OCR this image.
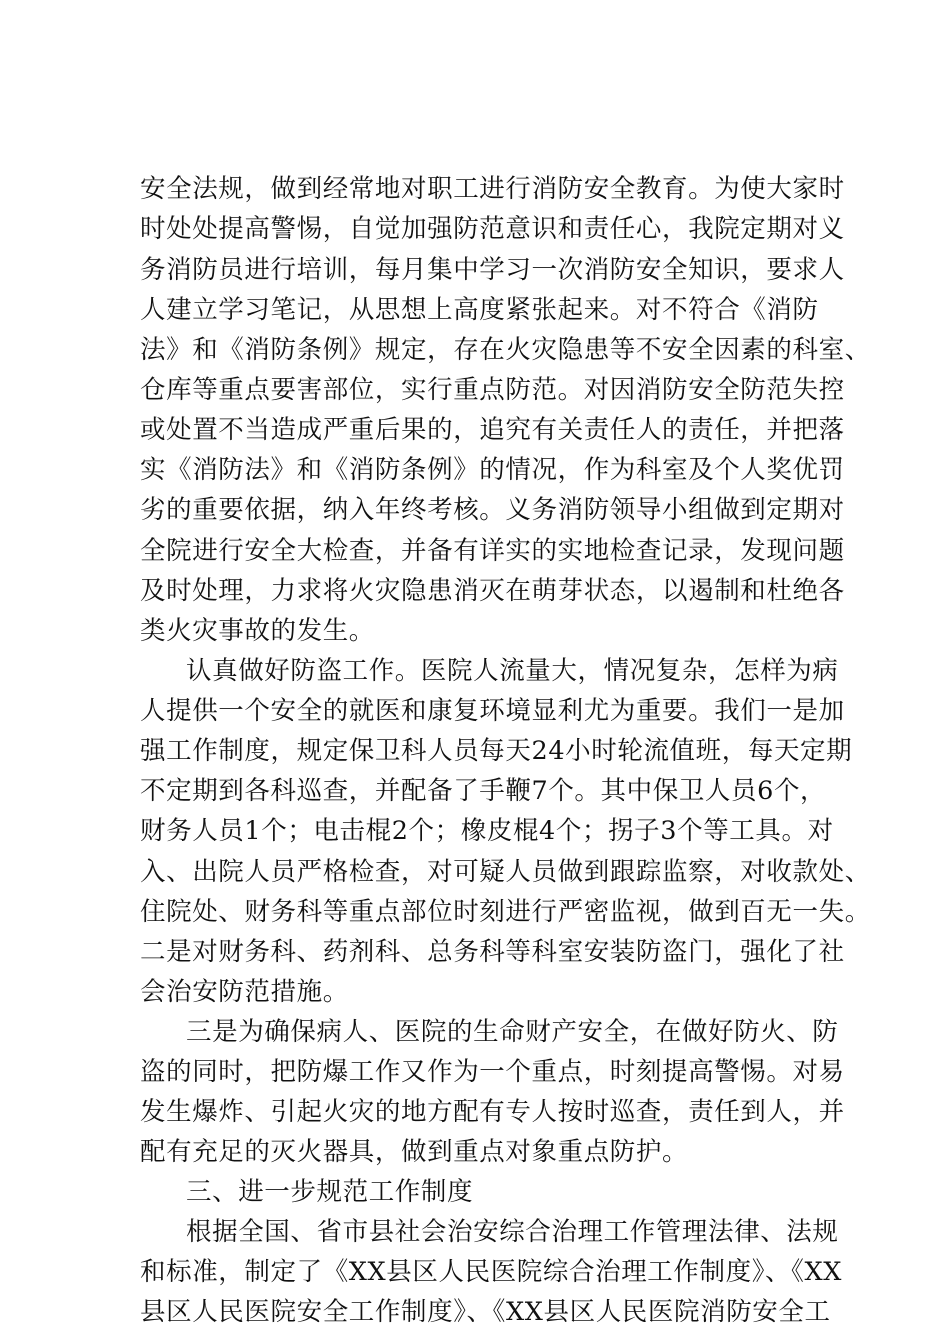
安全法规，做到经常地对职工进行消防安全教育。为使大家时
时处处提高警惕，自觉加强防范意识和责任心，我院定期对义
务消防员进行培训，每月集中学习一次消防安全知识，要求人
人建立学习笔记，从思想上高度紧张起来。对不符合《消防
法》和《消防条例》规定，存在火灾隐患等不安全因素的科室、
仓库等重点要害部位，实行重点防范。对因消防安全防范失控
或处置不当造成严重后果的，追究有关责任人的责任，并把落
实《消防法》和《消防条例》的情况，作为科室及个人奖优罚
劣的重要依据，纳入年终考核。义务消防领导小组做到定期对
全院进行安全大检查，并备有详实的实地检查记录，发现问题
及时处理，力求将火灾隐患消灭在萌芽状态，以遏制和杜绝各
类火灾事故的发生。
认真做好防盗工作。医院人流量大，情况复杂，怎样为病
人提供一个安全的就医和康复环境显利尤为重要。我们一是加
强工作制度，规定保卫科人员每天24小时轮流值班，每天定期
不定期到各科巡查，并配备了手鞭7个。其中保卫人员6个，
财务人员1个；电击棍2个；橡皮棍4个；拐子3个等工具。对
入、出院人员严格检查，对可疑人员做到跟踪监察，对收款处、
住院处、财务科等重点部位时刻进行严密监视，做到百无一失。
二是对财务科、药剂科、总务科等科室安装防盗门，强化了社
会治安防范措施。
三是为确保病人、医院的生命财产安全，在做好防火、防
盗的同时，把防爆工作又作为一个重点，时刻提高警惕。对易
发生爆炸、引起火灾的地方配有专人按时巡查，责任到人，并
配有充足的灭火器具，做到重点对象重点防护。
三、进一步规范工作制度
根据全国、省市县社会治安综合治理工作管理法律、法规
和标准，制定了《XX县区人民医院综合治理工作制度》、《XX
县区人民医院安全工作制度》、《XX县区人民医院消防安全工
